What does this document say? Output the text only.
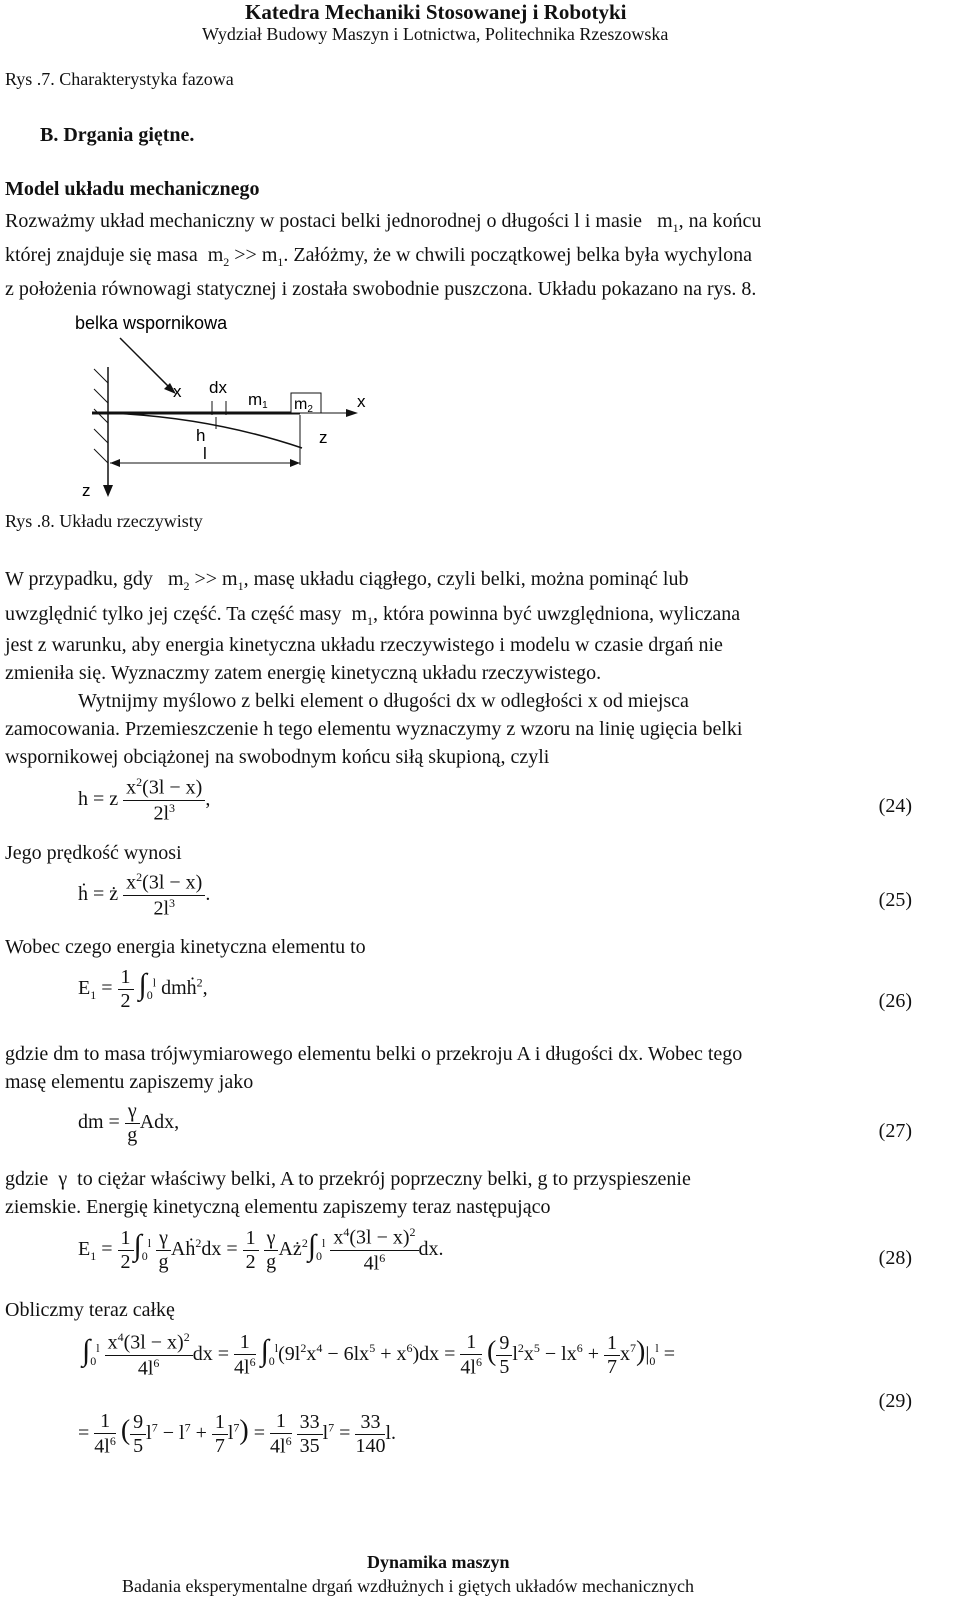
Katedra Mechaniki Stosowanej i Robotyki
Wydział Budowy Maszyn i Lotnictwa, Politechnika Rzeszowska
Rys .7. Charakterystyka fazowa
B. Drgania giętne.
Model układu mechanicznego
Rozważmy układ mechaniczny w postaci belki jednorodnej o długości l i masie   $m_1$, na końcu
której znajduje się masa  $m_2 >> m_1$. Załóżmy, że w chwili początkowej belka była wychylona
z położenia równowagi statycznej i została swobodnie puszczona. Układu pokazano na rys. 8.
belka wspornikowa
m2
x dx
m1	x
z
h
l
z
Rys .8. Układu rzeczywisty
W przypadku, gdy   $m_2 >> m_1$, masę układu ciągłego, czyli belki, można pominąć lub
uwzględnić tylko jej część. Ta część masy  $m_1$, która powinna być uwzględniona, wyliczana
jest z warunku, aby energia kinetyczna układu rzeczywistego i modelu w czasie drgań nie
zmieniła się. Wyznaczmy zatem energię kinetyczną układu rzeczywistego.
Wytnijmy myślowo z belki element o długości dx w odległości x od miejsca
zamocowania. Przemieszczenie h tego elementu wyznaczymy z wzoru na linię ugięcia belki
wspornikowej obciążonej na swobodnym końcu siłą skupioną, czyli
h = z $\frac{x^2(3l - x)}{2l^3}$ ,	(24)
Jego prędkość wynosi
ḣ = ż $\frac{x^2(3l - x)}{2l^3}$ .	(25)
Wobec czego energia kinetyczna elementu to
$E_1 = \frac{1}{2} \int_0^l$ dmḣ$^2$,
(26)
gdzie dm to masa trójwymiarowego elementu belki o przekroju A i długości dx. Wobec tego
masę elementu zapiszemy jako
dm = $\frac{\gamma}{g}$ Adx,	(27)
gdzie  γ  to ciężar właściwy belki, A to przekrój poprzeczny belki, g to przyspieszenie
ziemskie. Energię kinetyczną elementu zapiszemy teraz następująco
$E_1 = \frac{1}{2} \int_0^l \frac{\gamma}{g}$ Aḣ$^2$dx = $\frac{1}{2}$
$\frac{\gamma}{g}$ $Aż^2\int_0^l \frac{x^4(3l - x)^2}{4l^6}$ dx.	(28)
Obliczmy teraz całkę
$\int_0^l \frac{x^4(3l - x)^2}{4l^6}$ dx = $\frac{1}{4l^6} \int_0^l(9l^2x^4 - 6lx^5 + x^6)dx = \frac{1}{4l^6}$ ( $\frac{9}{5} l^2x^5 - lx^6 + \frac{1}{7} x^7)|_0^l$ =
= $\frac{1}{4l^6}$ ( $\frac{9}{5} l^7 - l^7 + \frac{1}{7} l^7) = \frac{1}{4l^6}$
$\frac{33}{35} l^7 = \frac{33}{140} l$.
(29)
Dynamika maszyn
Badania eksperymentalne drgań wzdłużnych i giętych układów mechanicznych
